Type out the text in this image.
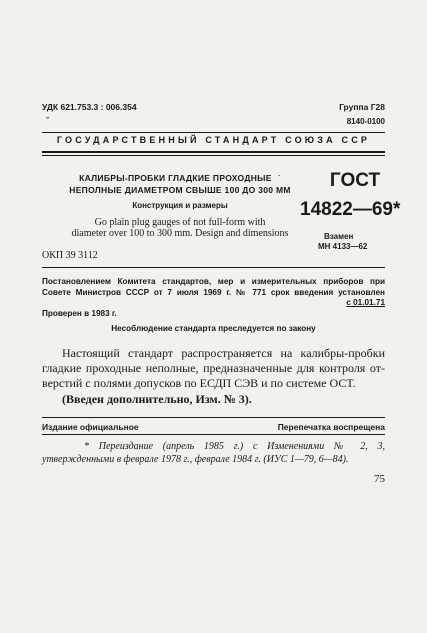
УДК 621.753.3 : 006.354	Группа Г28
8140-0100
ˇ
ГОСУДАРСТВЕННЫЙ СТАНДАРТ СОЮЗА ССР
КАЛИБРЫ-ПРОБКИ ГЛАДКИЕ ПРОХОДНЫЕ ˙
НЕПОЛНЫЕ ДИАМЕТРОМ СВЫШЕ 100 ДО 300 ММ
Конструкция и размеры
Go plain plug gauges of not full-form with
diameter over 100 to 300 mm. Design and dimensions
ГОСТ
14822—69*
Взамен
МН 4133—62
ОКП 39 3112
Постановлением Комитета стандартов, мер и измерительных приборов при
Совете Министров СССР от 7 июля 1969 г. № 771 срок введения установлен
с 01.01.71
Проверен в 1983 г.
Несоблюдение стандарта преследуется по закону

Настоящий стандарт распространяется на калибры-пробки

гладкие проходные неполные, предназначенные для контроля от-

верстий с полями допусков по ЕСДП СЭВ и по системе ОСТ.

(Введен дополнительно, Изм. № 3).
Издание официальное	Перепечатка воспрещена

* Переиздание (апрель 1985 г.) с Изменениями № 2, 3,

утвержденными в феврале 1978 г., феврале 1984 г. (ИУС 1—79, 6—84).

75
